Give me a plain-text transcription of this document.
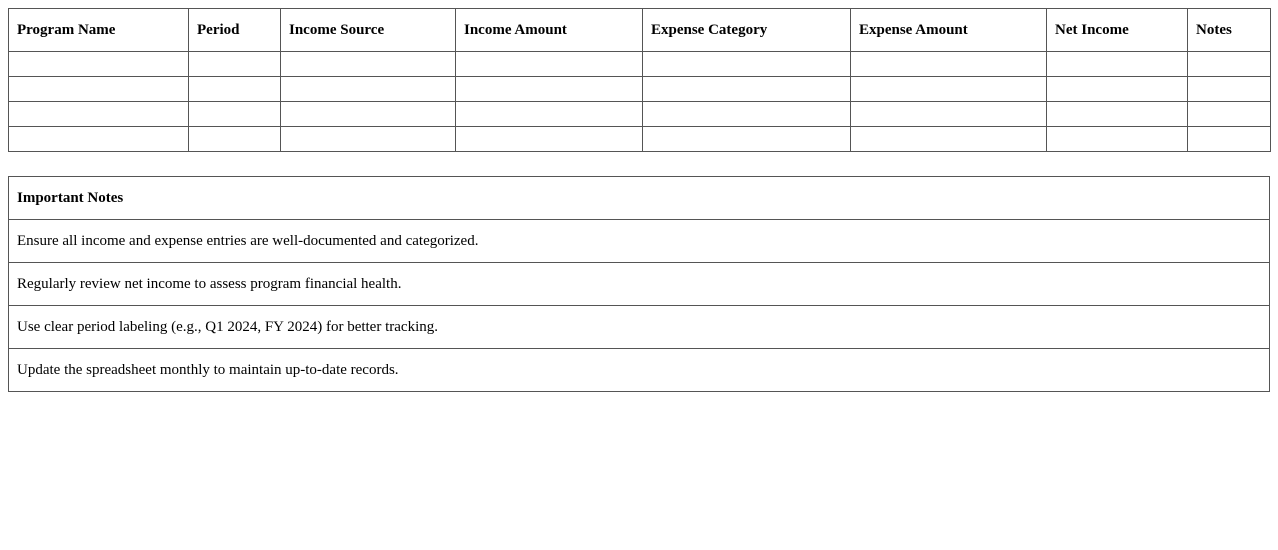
Program Name	Period	Income Source	Income Amount	Expense Category	Expense Amount	Net Income	Notes

Important Notes
Ensure all income and expense entries are well-documented and categorized.
Regularly review net income to assess program financial health.
Use clear period labeling (e.g., Q1 2024, FY 2024) for better tracking.
Update the spreadsheet monthly to maintain up-to-date records.
